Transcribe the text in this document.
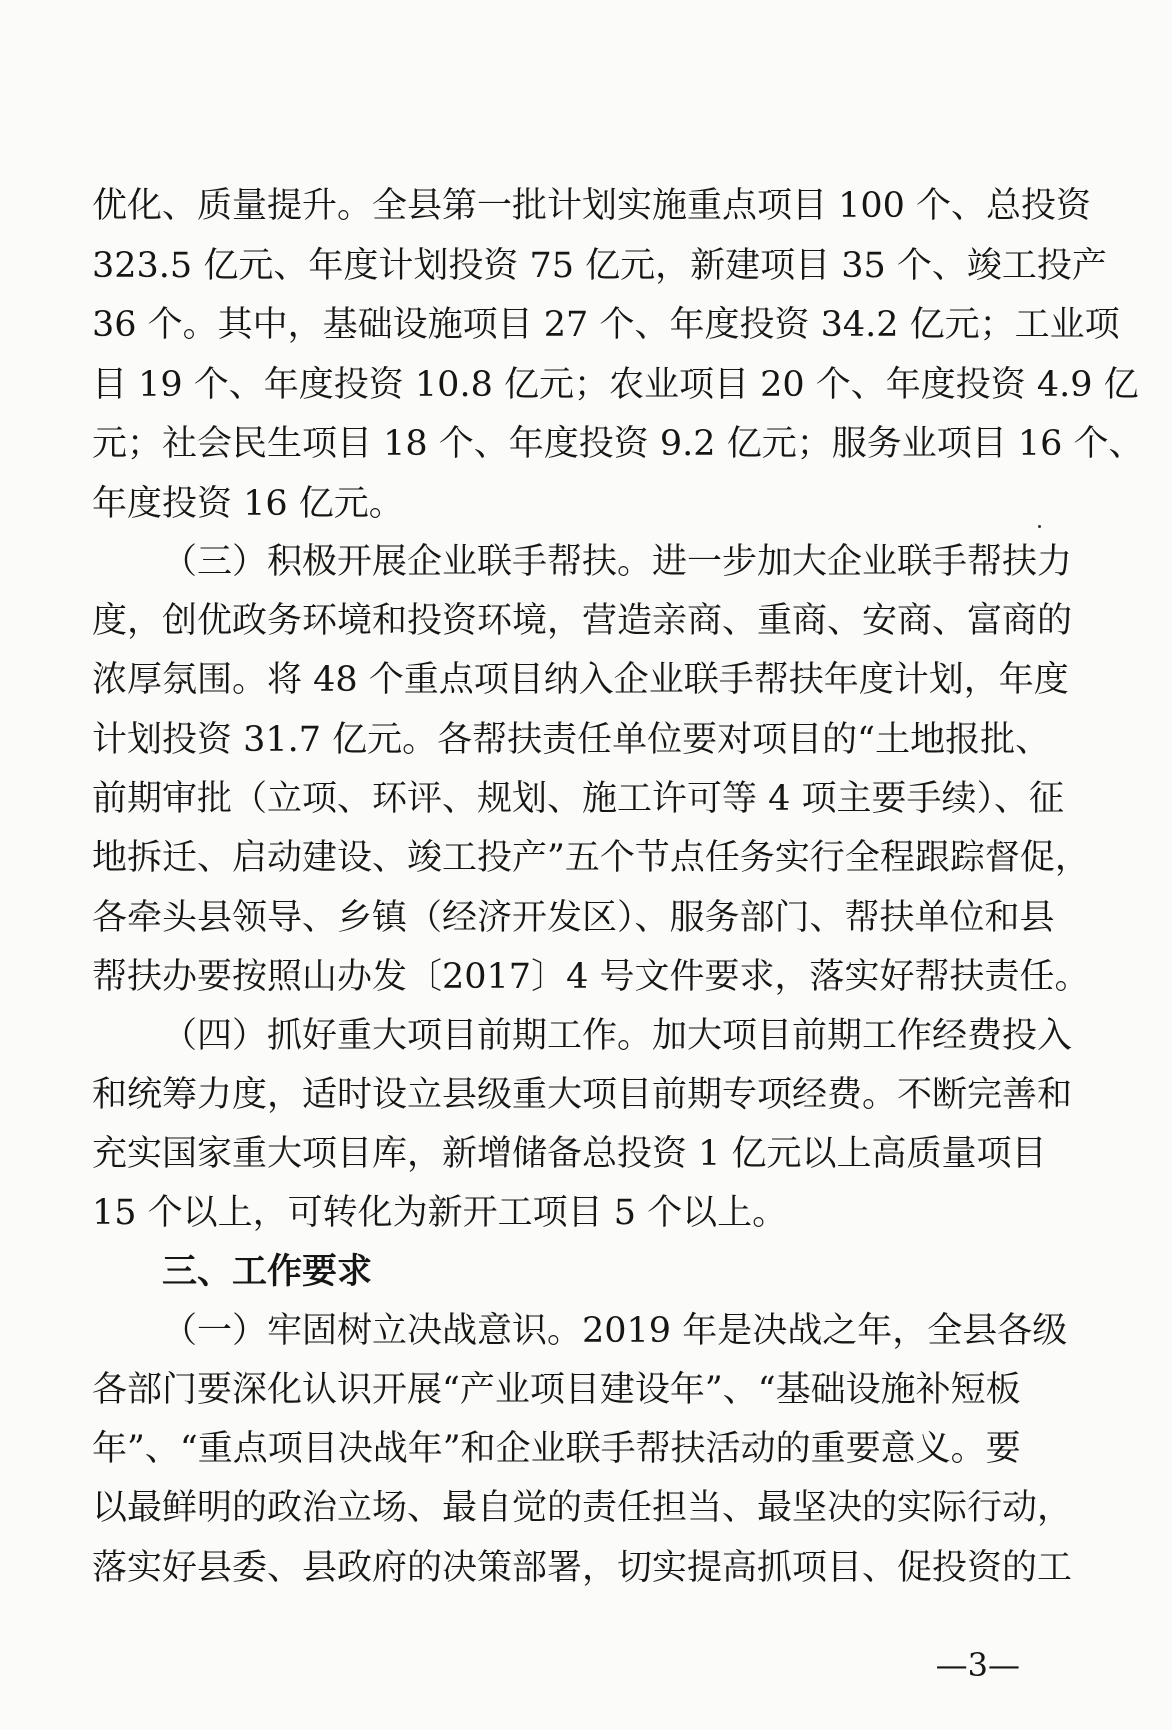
优化、质量提升。全县第一批计划实施重点项目 100 个、总投资
323.5 亿元、年度计划投资 75 亿元，新建项目 35 个、竣工投产
36 个。其中，基础设施项目 27 个、年度投资 34.2 亿元；工业项
目 19 个、年度投资 10.8 亿元；农业项目 20 个、年度投资 4.9 亿
元；社会民生项目 18 个、年度投资 9.2 亿元；服务业项目 16 个、
年度投资 16 亿元。
（三）积极开展企业联手帮扶。进一步加大企业联手帮扶力
度，创优政务环境和投资环境，营造亲商、重商、安商、富商的
浓厚氛围。将 48 个重点项目纳入企业联手帮扶年度计划，年度
计划投资 31.7 亿元。各帮扶责任单位要对项目的“土地报批、
前期审批（立项、环评、规划、施工许可等 4 项主要手续）、征
地拆迁、启动建设、竣工投产”五个节点任务实行全程跟踪督促，
各牵头县领导、乡镇（经济开发区）、服务部门、帮扶单位和县
帮扶办要按照山办发〔2017〕4 号文件要求，落实好帮扶责任。
（四）抓好重大项目前期工作。加大项目前期工作经费投入
和统筹力度，适时设立县级重大项目前期专项经费。不断完善和
充实国家重大项目库，新增储备总投资 1 亿元以上高质量项目
15 个以上，可转化为新开工项目 5 个以上。
三、工作要求
（一）牢固树立决战意识。2019 年是决战之年，全县各级
各部门要深化认识开展“产业项目建设年”、“基础设施补短板
年”、“重点项目决战年”和企业联手帮扶活动的重要意义。要
以最鲜明的政治立场、最自觉的责任担当、最坚决的实际行动，
落实好县委、县政府的决策部署，切实提高抓项目、促投资的工
—3—
